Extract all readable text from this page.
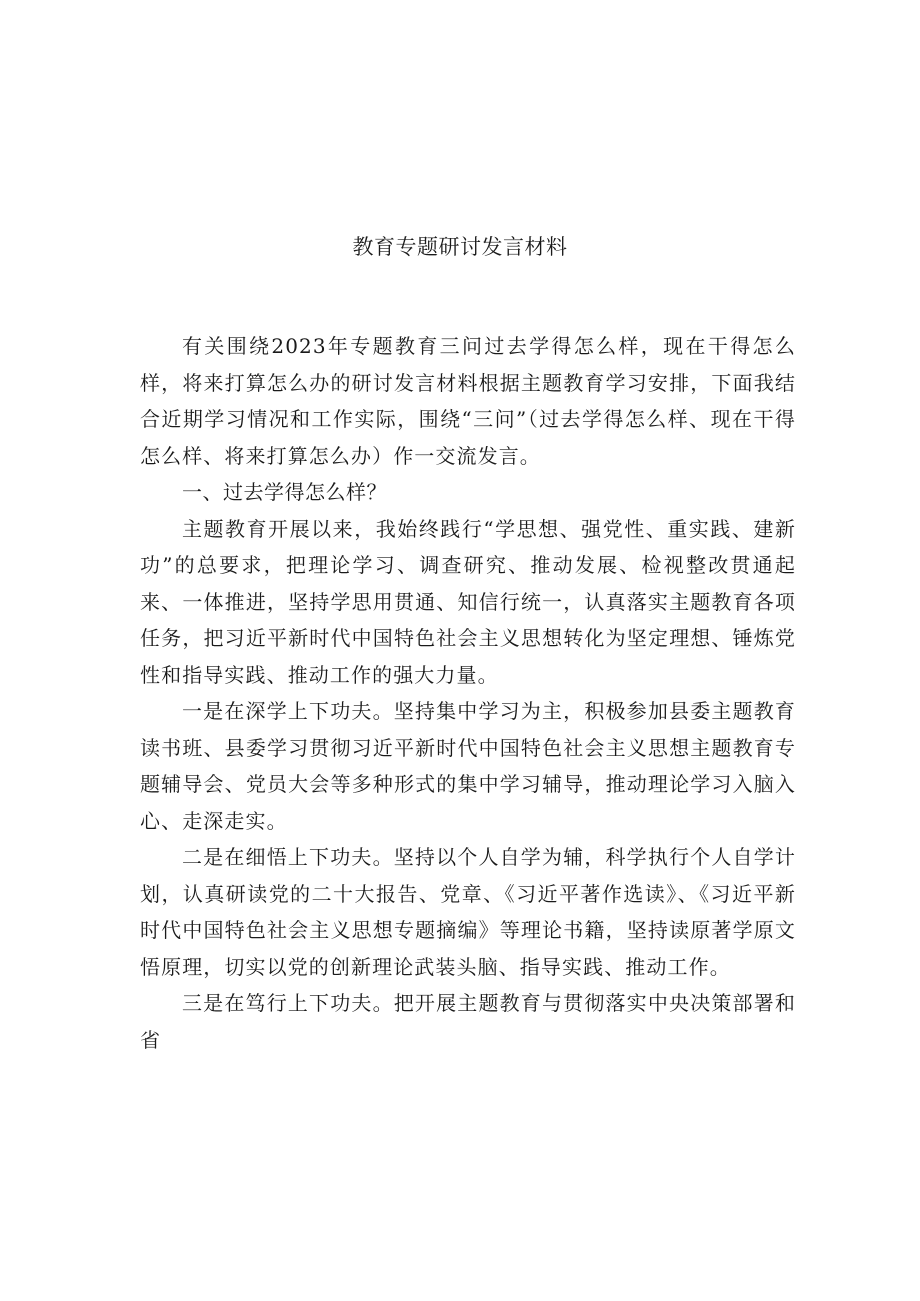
教育专题研讨发言材料

有关围绕2023年专题教育三问过去学得怎么样，现在干得怎么样，将来打算怎么办的研讨发言材料根据主题教育学习安排，下面我结合近期学习情况和工作实际，围绕“三问”（过去学得怎么样、现在干得怎么样、将来打算怎么办）作一交流发言。

一、过去学得怎么样？

主题教育开展以来，我始终践行“学思想、强党性、重实践、建新功”的总要求，把理论学习、调查研究、推动发展、检视整改贯通起来、一体推进，坚持学思用贯通、知信行统一，认真落实主题教育各项任务，把习近平新时代中国特色社会主义思想转化为坚定理想、锤炼党性和指导实践、推动工作的强大力量。

一是在深学上下功夫。坚持集中学习为主，积极参加县委主题教育读书班、县委学习贯彻习近平新时代中国特色社会主义思想主题教育专题辅导会、党员大会等多种形式的集中学习辅导，推动理论学习入脑入心、走深走实。

二是在细悟上下功夫。坚持以个人自学为辅，科学执行个人自学计划，认真研读党的二十大报告、党章、《习近平著作选读》、《习近平新时代中国特色社会主义思想专题摘编》等理论书籍，坚持读原著学原文悟原理，切实以党的创新理论武装头脑、指导实践、推动工作。

三是在笃行上下功夫。把开展主题教育与贯彻落实中央决策部署和省
